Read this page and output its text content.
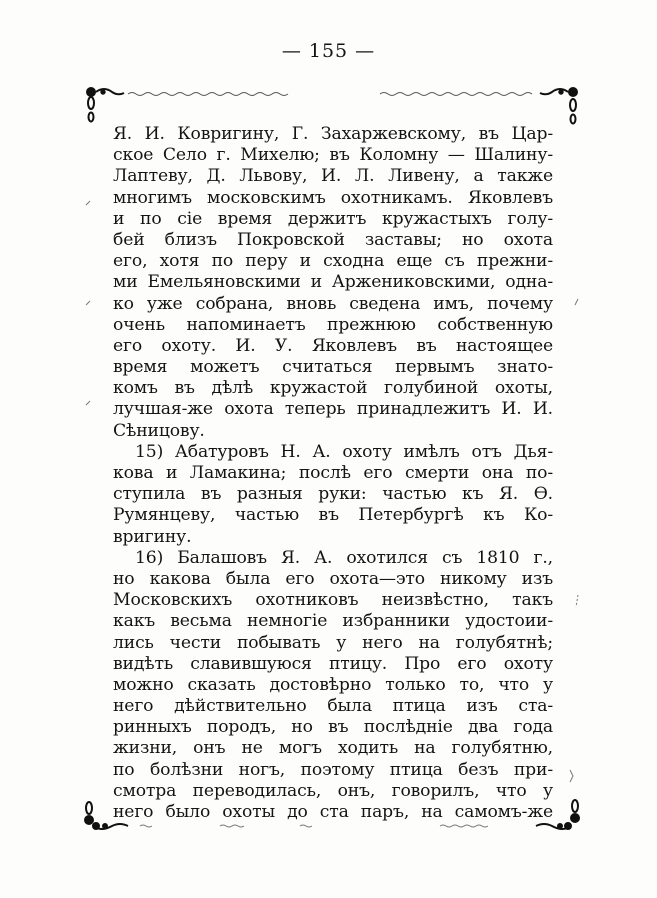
— 155 —
Я. И. Ковригину, Г. Захаржевскому, въ Цар-
ское Село г. Михелю; въ Коломну — Шалину-
Лаптеву, Д. Львову, И. Л. Ливену, а также
многимъ московскимъ охотникамъ. Яковлевъ
и по сіе время держитъ кружастыхъ голу-
бей близъ Покровской заставы; но охота
его, хотя по перу и сходна еще съ прежни-
ми Емельяновскими и Аржениковскими, одна-
ко уже собрана, вновь сведена имъ, почему
очень напоминаетъ прежнюю собственную
его охоту. И. У. Яковлевъ въ настоящее
время можетъ считаться первымъ знато-
комъ въ дѣлѣ кружастой голубиной охоты,
лучшая-же охота теперь принадлежитъ И. И.
Сѣницову.
15) Абатуровъ Н. А. охоту имѣлъ отъ Дья-
кова и Ламакина; послѣ его смерти она по-
ступила въ разныя руки: частью къ Я. Ѳ.
Румянцеву, частью въ Петербургѣ къ Ко-
вригину.
16) Балашовъ Я. А. охотился съ 1810 г.,
но какова была его охота—это никому изъ
Московскихъ охотниковъ неизвѣстно, такъ
какъ весьма немногіе избранники удостоии-
лись чести побывать у него на голубятнѣ;
видѣть славившуюся птицу. Про его охоту
можно сказать достовѣрно только то, что у
него дѣйствительно была птица изъ ста-
ринныхъ породъ, но въ послѣдніе два года
жизни, онъ не могъ ходить на голубятню,
по болѣзни ногъ, поэтому птица безъ при-
смотра переводилась, онъ, говорилъ, что у
него было охоты до ста паръ, на самомъ-же
